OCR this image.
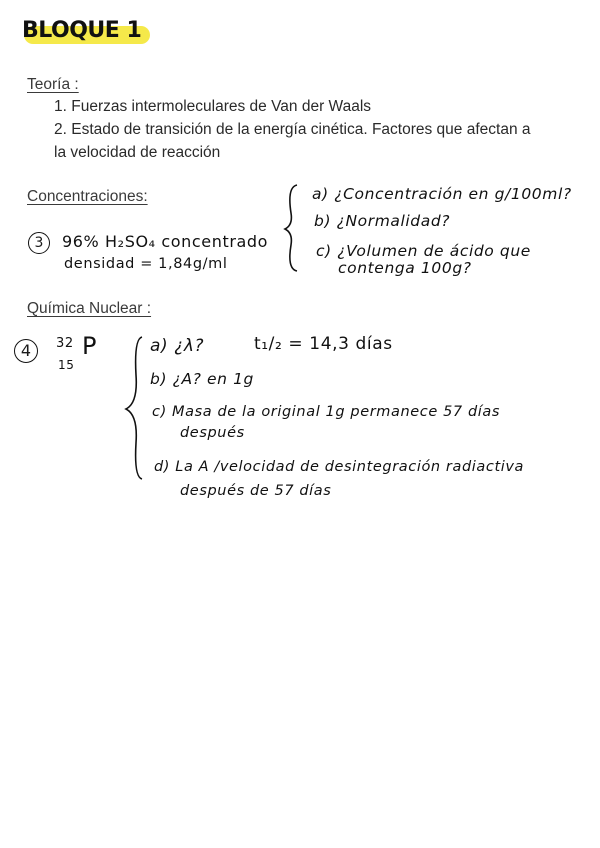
BLOQUE 1
Teoría :
1. Fuerzas intermoleculares de Van der Waals
2. Estado de transición de la energía cinética. Factores que afectan a
la velocidad de reacción
Concentraciones:
3	96% H₂SO₄ concentrado
densidad = 1,84g/ml
a) ¿Concentración en g/100ml?
b) ¿Normalidad?
c) ¿Volumen de ácido que
contenga 100g?
Química Nuclear :
4	32
15
P	a) ¿λ?	t₁/₂ = 14,3 días
b) ¿A? en 1g
c) Masa de la original 1g permanece 57 días
después
d) La A /velocidad de desintegración radiactiva
después de 57 días
